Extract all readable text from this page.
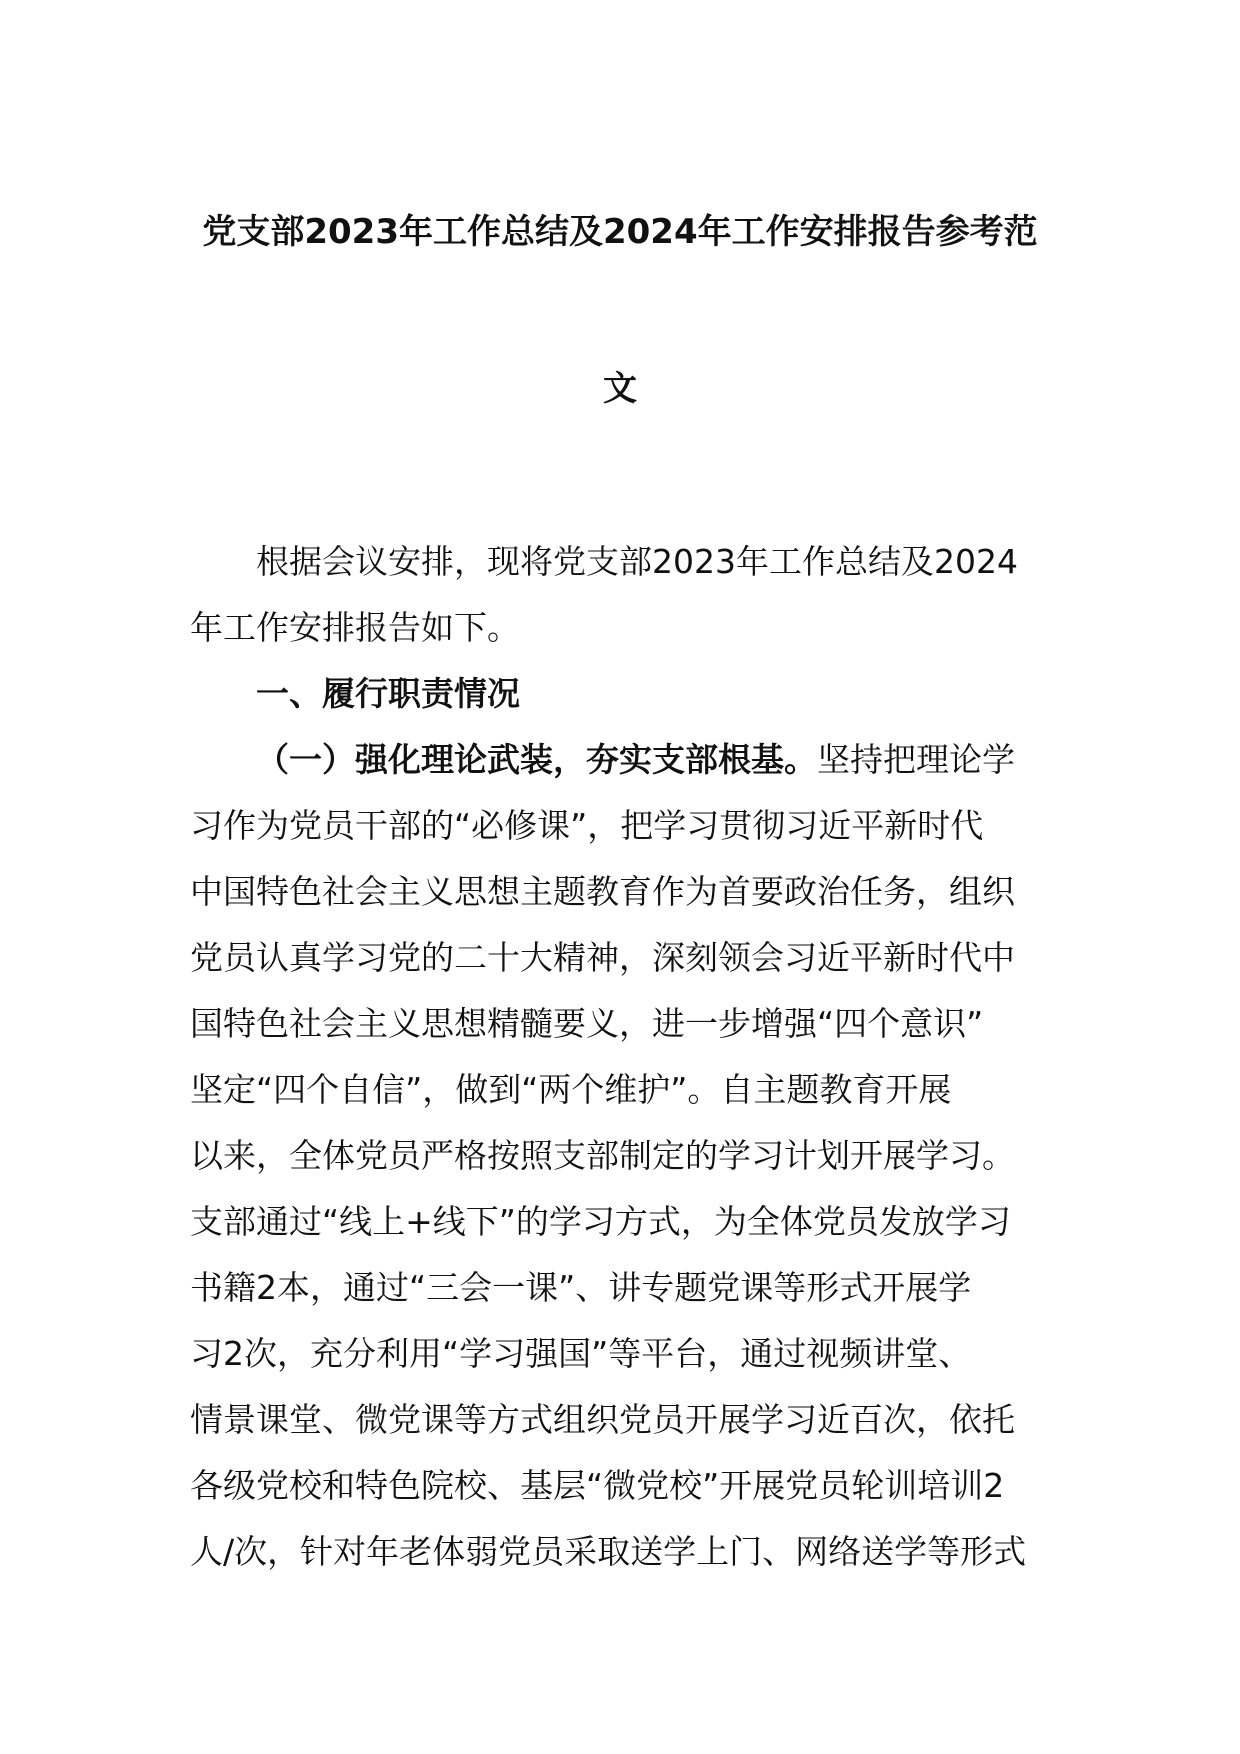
党支部2023年工作总结及2024年工作安排报告参考范
文
根据会议安排，现将党支部2023年工作总结及2024
年工作安排报告如下。
一、履行职责情况
（一）强化理论武装，夯实支部根基。坚持把理论学
习作为党员干部的“必修课”，把学习贯彻习近平新时代
中国特色社会主义思想主题教育作为首要政治任务，组织
党员认真学习党的二十大精神，深刻领会习近平新时代中
国特色社会主义思想精髓要义，进一步增强“四个意识”
坚定“四个自信”，做到“两个维护”。自主题教育开展
以来，全体党员严格按照支部制定的学习计划开展学习。
支部通过“线上+线下”的学习方式，为全体党员发放学习
书籍2本，通过“三会一课”、讲专题党课等形式开展学
习2次，充分利用“学习强国”等平台，通过视频讲堂、
情景课堂、微党课等方式组织党员开展学习近百次，依托
各级党校和特色院校、基层“微党校”开展党员轮训培训2
人/次，针对年老体弱党员采取送学上门、网络送学等形式
